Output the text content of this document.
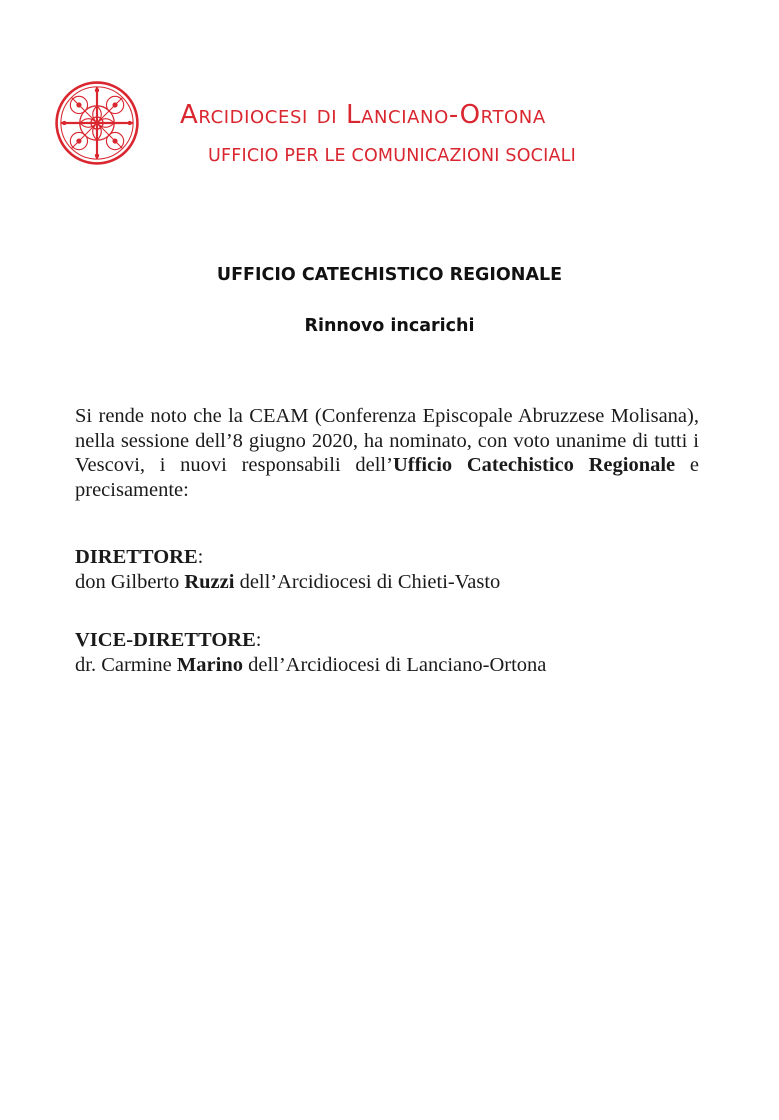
Arcidiocesi di Lanciano-Ortona
UFFICIO PER LE COMUNICAZIONI SOCIALI
UFFICIO CATECHISTICO REGIONALE
Rinnovo incarichi
Si rende noto che la CEAM (Conferenza Episcopale Abruzzese Molisana), nella sessione dell’8 giugno 2020, ha nominato, con voto unanime di tutti i Vescovi, i nuovi responsabili dell’Ufficio Catechistico Regionale e precisamente:
DIRETTORE:
don Gilberto Ruzzi dell’Arcidiocesi di Chieti-Vasto
VICE-DIRETTORE:
dr. Carmine Marino dell’Arcidiocesi di Lanciano-Ortona
